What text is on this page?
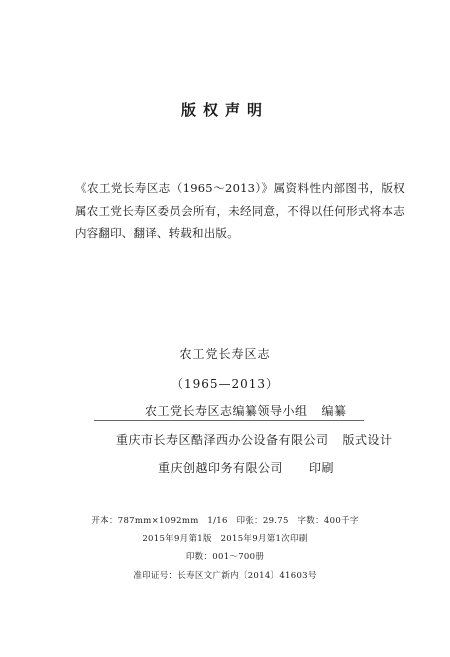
版权声明

《农工党长寿区志（1965～2013）》属资料性内部图书，版权属农工党长寿区委员会所有，未经同意，不得以任何形式将本志内容翻印、翻译、转载和出版。

农工党长寿区志

（1965—2013）

农工党长寿区志编纂领导小组 编纂

重庆市长寿区酷泽西办公设备有限公司 版式设计

重庆创越印务有限公司 印刷

开本：787mm×1092mm　1/16　印张：29.75　字数：400千字

2015年9月第1版　2015年9月第1次印刷

印数：001～700册

准印证号：长寿区文广新内〔2014〕41603号
